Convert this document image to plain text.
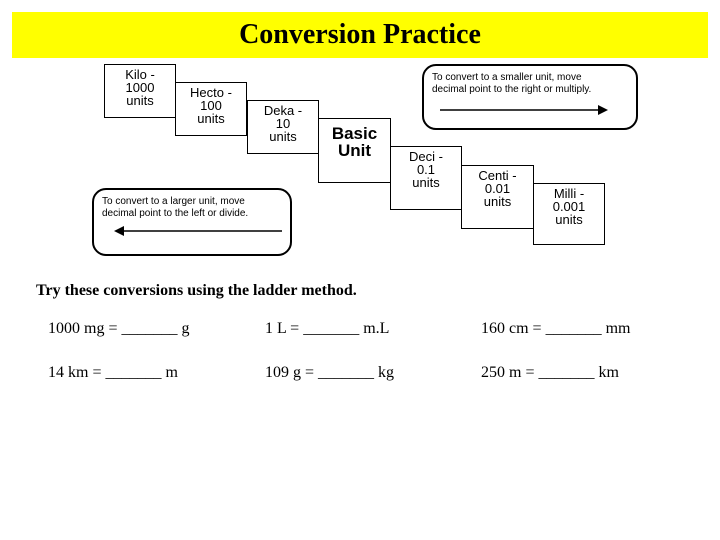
Conversion Practice
Kilo -
1000
units
Hecto -
100
units
Deka -
10
units	Basic
Unit	Deci -
0.1
units	Centi -
0.01
units
Milli -
0.001
units
To convert to a smaller unit, move
decimal point to the right or multiply.
To convert to a larger unit, move
decimal point to the left or divide.
Try these conversions using the ladder method.
1000 mg = _______ g	1 L = _______ m.L	160 cm = _______ mm
14 km = _______ m	109 g = _______ kg	250 m = _______ km
